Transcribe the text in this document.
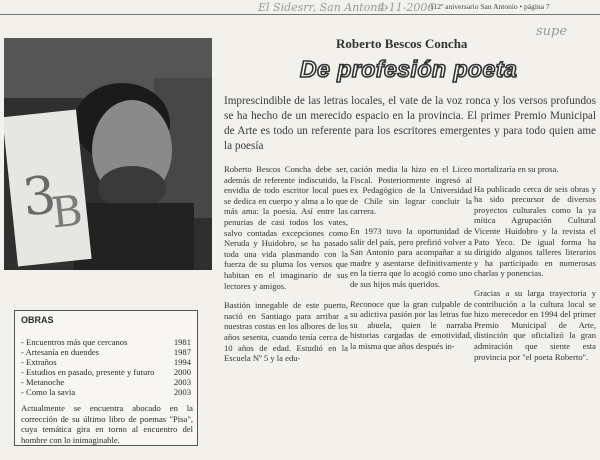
El Sidesrr, San Antonio
4-11-2006
112º aniversario San Antonio • página 7
supe
3
B
Roberto Bescos Concha
De profesión poeta
Imprescindible de las letras locales, el vate de la voz ronca y los versos profundos se ha hecho de un merecido espacio en la provincia. El primer Premio Municipal de Arte es todo un referente para los escritores emergentes y para todo quien ame la poesía

Roberto Bescos Concha debe ser, además de referente indiscutido, la envidia de todo escritor local pues se dedica en cuerpo y alma a lo que más ama: la poesía. Así entre las penurias de casi todos los vates, salvo contadas excepciones como Neruda y Huidobro, se ha pasado toda una vida plasmando con la fuerza de su pluma los versos que habitan en el imaginario de sus lectores y amigos.

Bastión innegable de este puerto, nació en Santiago para arribar a nuestras costas en los albores de los años sesenta, cuando tenía cerca de 10 años de edad. Estudió en la Escuela Nº 5 y la edu-

cación media la hizo en el Liceo Fiscal. Posteriormente ingresó al ex Pedagógico de la Universidad de Chile sin lograr concluir la carrera.

En 1973 tuvo la oportunidad de salir del país, pero prefirió volver a San Antonio para acompañar a su madre y asentarse definitivamente en la tierra que lo acogió como uno de sus hijos más queridos.

Reconoce que la gran culpable de su adictiva pasión por las letras fue su abuela, quien le narraba historias cargadas de emotividad, la misma que años después in-

mortalizaría en su prosa.

Ha publicado cerca de seis obras y ha sido precursor de diversos proyectos culturales como la ya mítica Agrupación Cultural Vicente Huidobro y la revista el Pato Yeco. De igual forma ha dirigido algunos talleres literarios y ha participado en numerosas charlas y ponencias.

Gracias a su larga trayectoria y contribución a la cultura local se hizo merecedor en 1994 del primer Premio Municipal de Arte, distinción que oficializó la gran admiración que siente esta provincia por "el poeta Roberto".

OBRAS
- Encuentros más que cercanos	1981
- Artesanía en duendes	1987
- Extraños	1994
- Estudios en pasado, presente y futuro 2000
- Metanoche	2003
- Como la savia	2003
Actualmente se encuentra abocado en la corrección de su último libro de poemas "Pisa", cuya temática gira en torno al encuentro del hombre con lo inimaginable.
